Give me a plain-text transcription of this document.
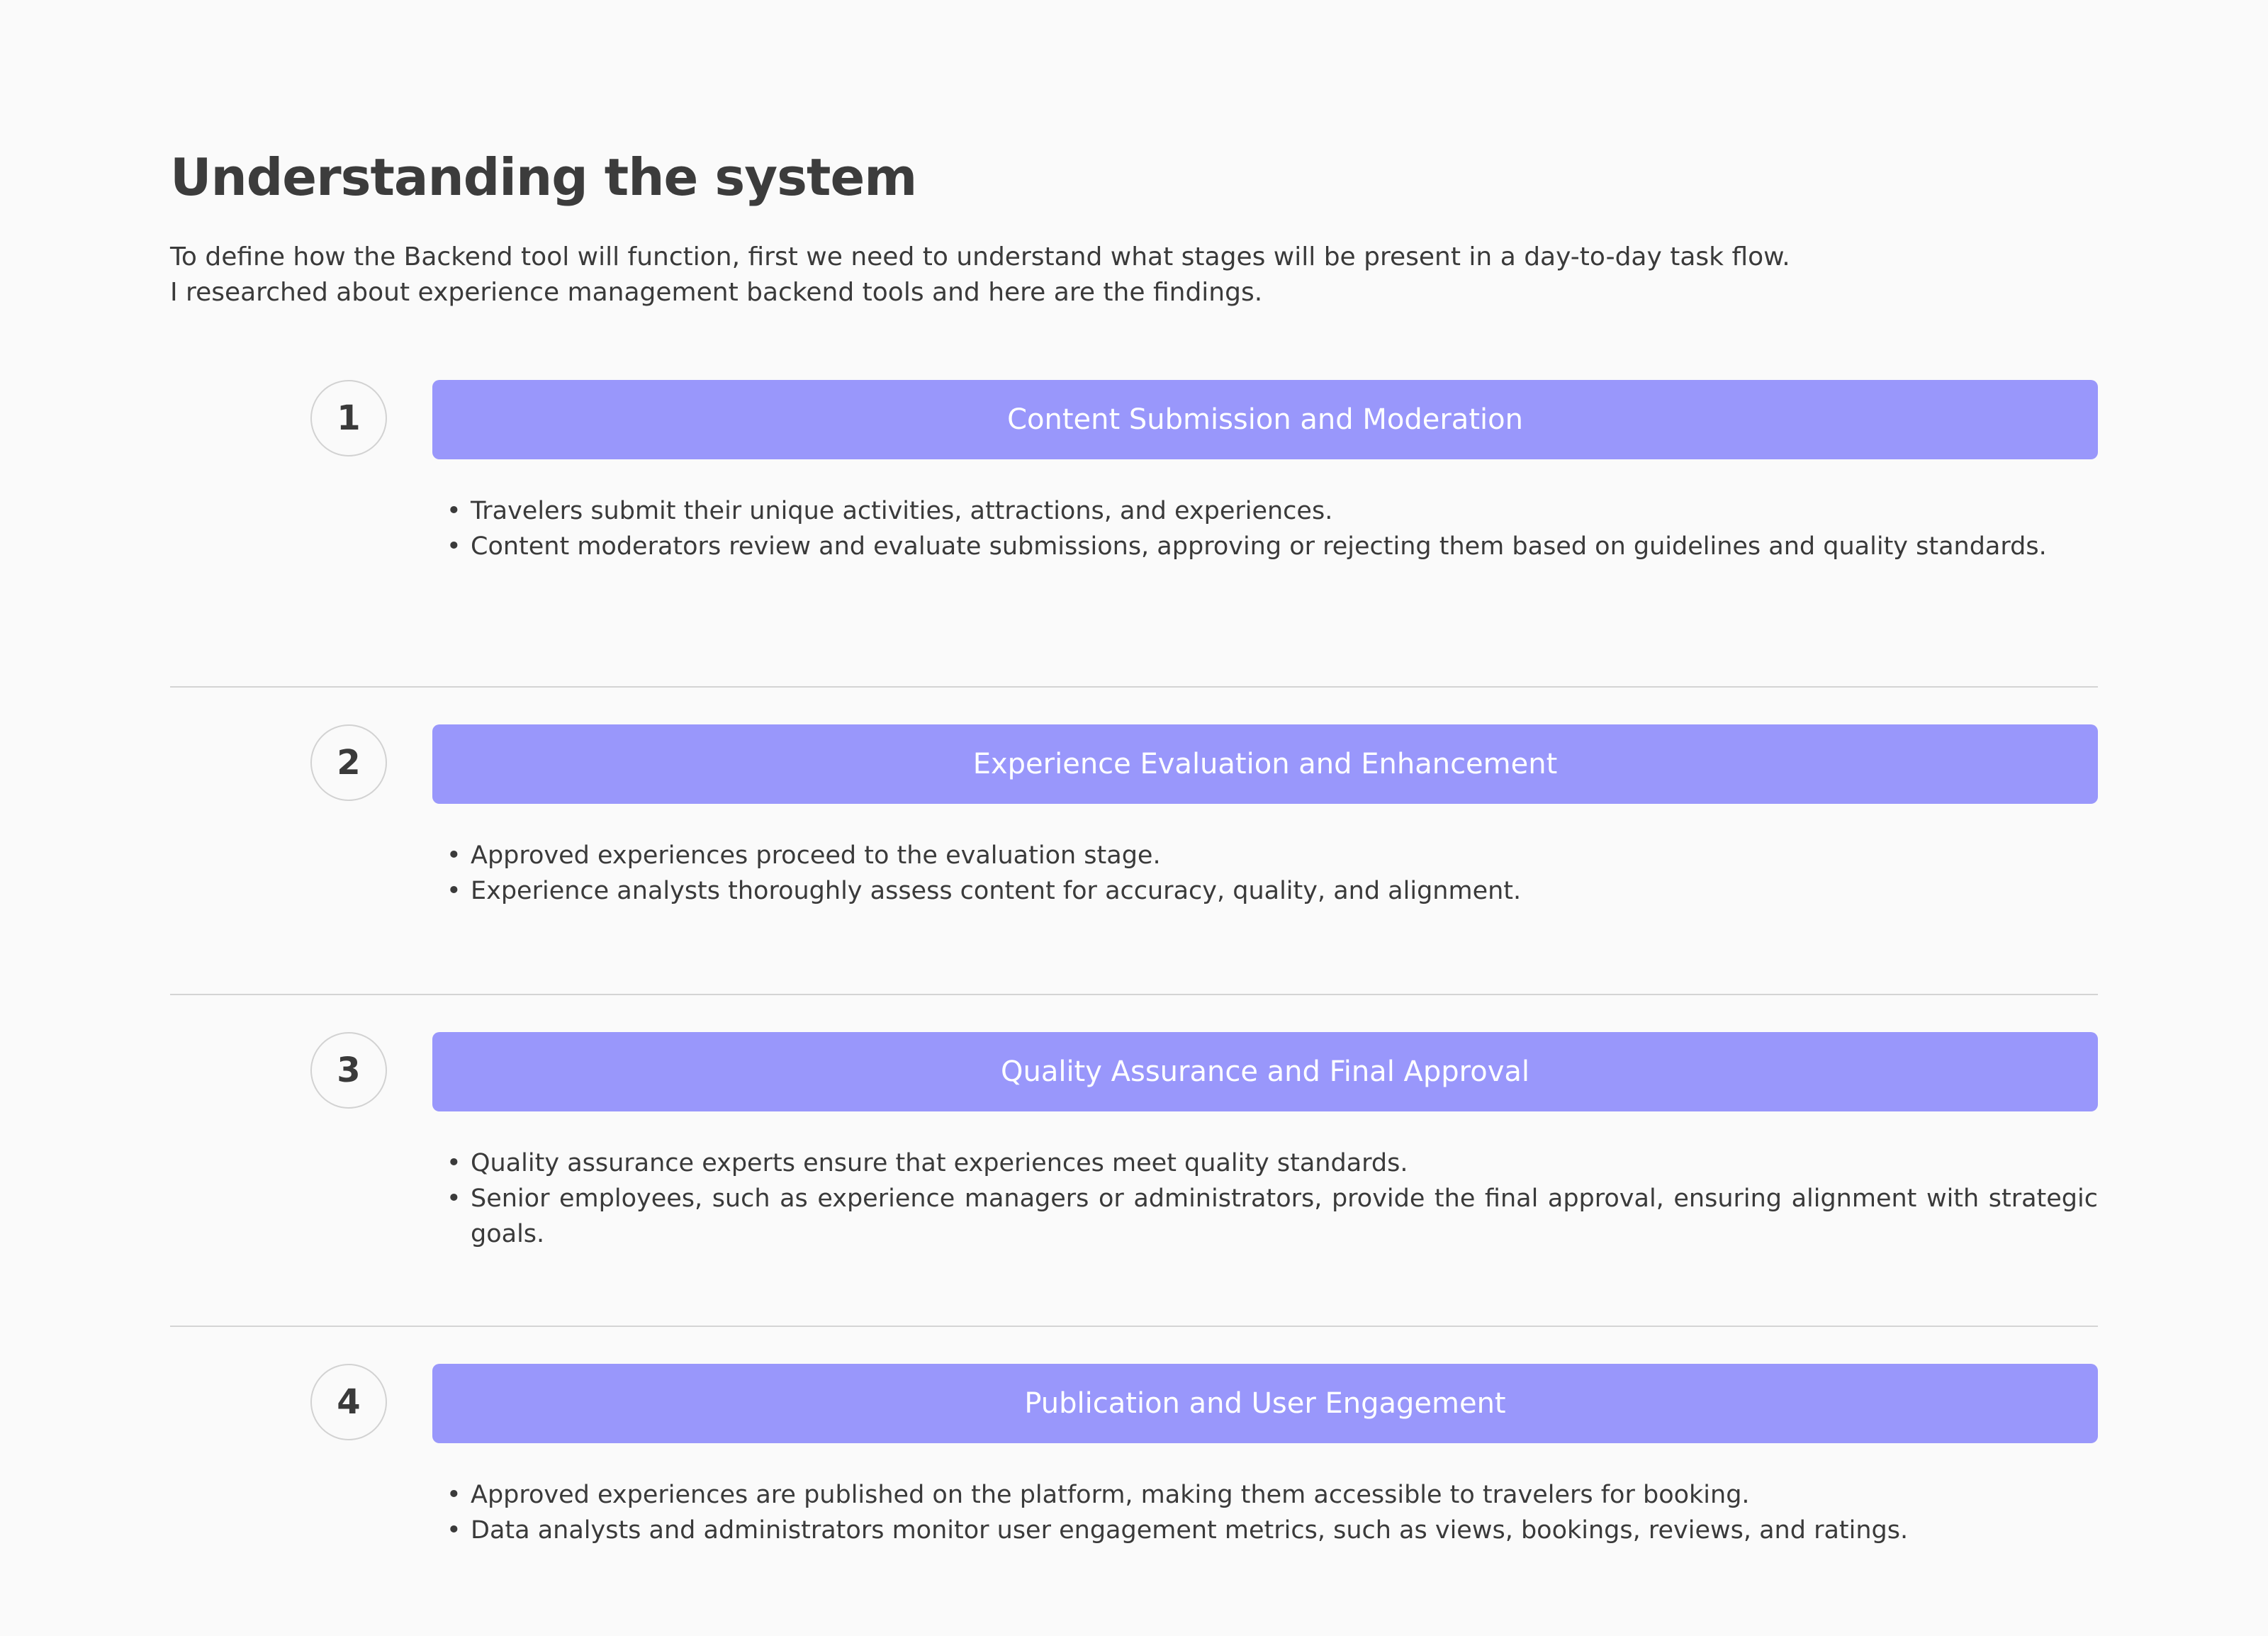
Understanding the system

To define how the Backend tool will function, first we need to understand what stages will be present in a day-to-day task flow.

I researched about experience management backend tools and here are the findings.

1	Content Submission and Moderation
• Travelers submit their unique activities, attractions, and experiences.
• Content moderators review and evaluate submissions, approving or rejecting them based on guidelines and quality standards.
2	Experience Evaluation and Enhancement
• Approved experiences proceed to the evaluation stage.
• Experience analysts thoroughly assess content for accuracy, quality, and alignment.
3	Quality Assurance and Final Approval
• Quality assurance experts ensure that experiences meet quality standards.
• Senior employees, such as experience managers or administrators, provide the final approval, ensuring alignment with strategic goals.
4	Publication and User Engagement
• Approved experiences are published on the platform, making them accessible to travelers for booking.
• Data analysts and administrators monitor user engagement metrics, such as views, bookings, reviews, and ratings.
